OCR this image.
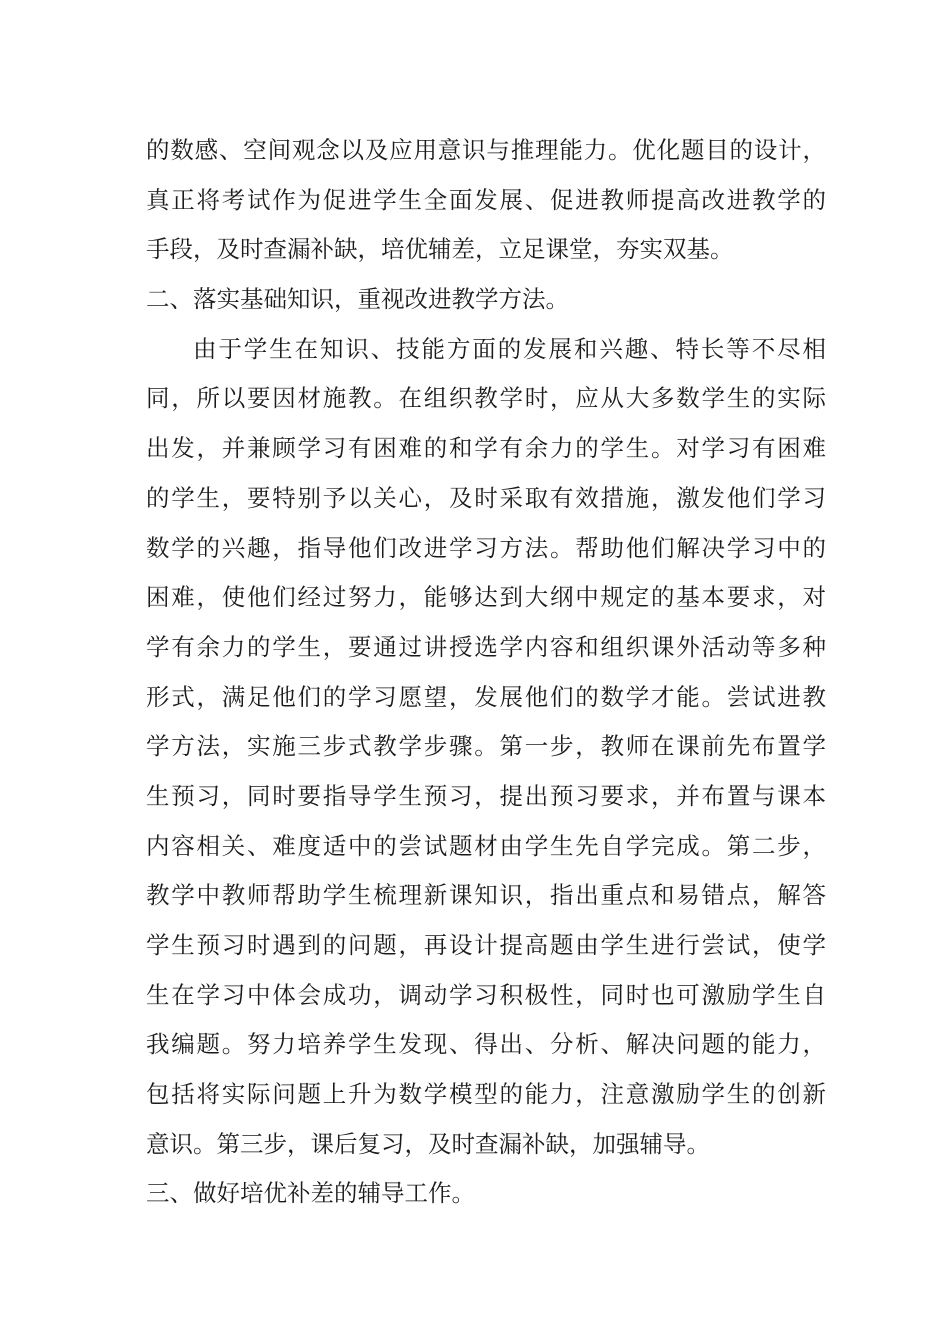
的数感、空间观念以及应用意识与推理能力。优化题目的设计，
真正将考试作为促进学生全面发展、促进教师提高改进教学的
手段，及时查漏补缺，培优辅差，立足课堂，夯实双基。
二、落实基础知识，重视改进教学方法。
由于学生在知识、技能方面的发展和兴趣、特长等不尽相
同，所以要因材施教。在组织教学时，应从大多数学生的实际
出发，并兼顾学习有困难的和学有余力的学生。对学习有困难
的学生，要特别予以关心，及时采取有效措施，激发他们学习
数学的兴趣，指导他们改进学习方法。帮助他们解决学习中的
困难，使他们经过努力，能够达到大纲中规定的基本要求，对
学有余力的学生，要通过讲授选学内容和组织课外活动等多种
形式，满足他们的学习愿望，发展他们的数学才能。尝试进教
学方法，实施三步式教学步骤。第一步，教师在课前先布置学
生预习，同时要指导学生预习，提出预习要求，并布置与课本
内容相关、难度适中的尝试题材由学生先自学完成。第二步，
教学中教师帮助学生梳理新课知识，指出重点和易错点，解答
学生预习时遇到的问题，再设计提高题由学生进行尝试，使学
生在学习中体会成功，调动学习积极性，同时也可激励学生自
我编题。努力培养学生发现、得出、分析、解决问题的能力，
包括将实际问题上升为数学模型的能力，注意激励学生的创新
意识。第三步，课后复习，及时查漏补缺，加强辅导。
三、做好培优补差的辅导工作。
